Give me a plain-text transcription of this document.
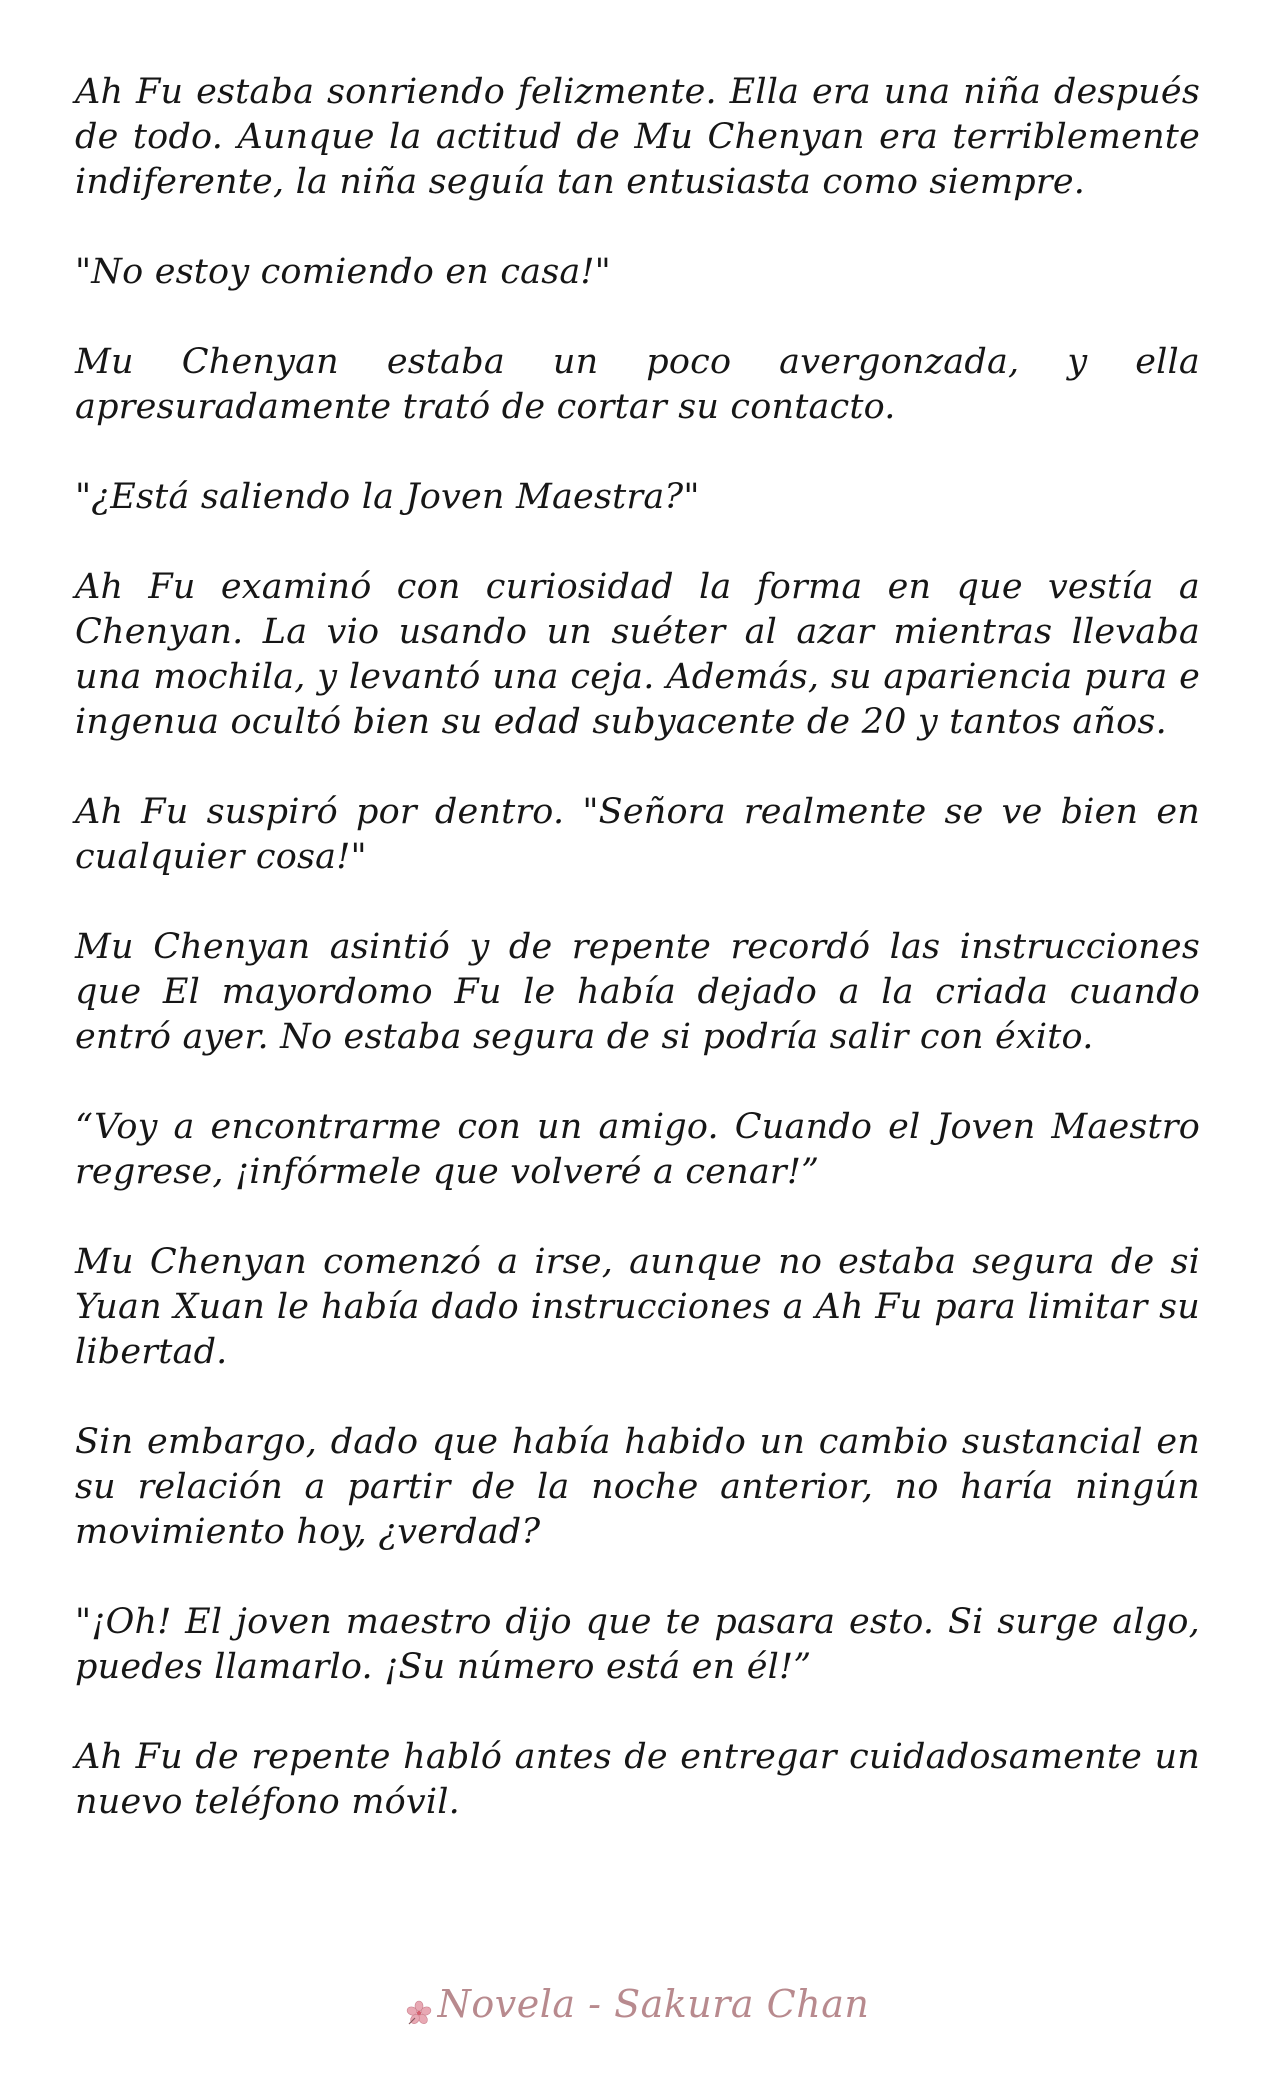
Ah Fu estaba sonriendo felizmente. Ella era una niña después de todo. Aunque la actitud de Mu Chenyan era terriblemente indiferente, la niña seguía tan entusiasta como siempre.

"No estoy comiendo en casa!"

Mu Chenyan estaba un poco avergonzada, y ella apresuradamente trató de cortar su contacto.

"¿Está saliendo la Joven Maestra?"

Ah Fu examinó con curiosidad la forma en que vestía a Chenyan. La vio usando un suéter al azar mientras llevaba una mochila, y levantó una ceja. Además, su apariencia pura e ingenua ocultó bien su edad subyacente de 20 y tantos años.

Ah Fu suspiró por dentro. "Señora realmente se ve bien en cualquier cosa!"

Mu Chenyan asintió y de repente recordó las instrucciones que El mayordomo Fu le había dejado a la criada cuando entró ayer. No estaba segura de si podría salir con éxito.

“Voy a encontrarme con un amigo. Cuando el Joven Maestro regrese, ¡infórmele que volveré a cenar!”

Mu Chenyan comenzó a irse, aunque no estaba segura de si Yuan Xuan le había dado instrucciones a Ah Fu para limitar su libertad.

Sin embargo, dado que había habido un cambio sustancial en su relación a partir de la noche anterior, no haría ningún movimiento hoy, ¿verdad?

"¡Oh! El joven maestro dijo que te pasara esto. Si surge algo, puedes llamarlo. ¡Su número está en él!”

Ah Fu de repente habló antes de entregar cuidadosamente un nuevo teléfono móvil.

Novela - Sakura Chan
